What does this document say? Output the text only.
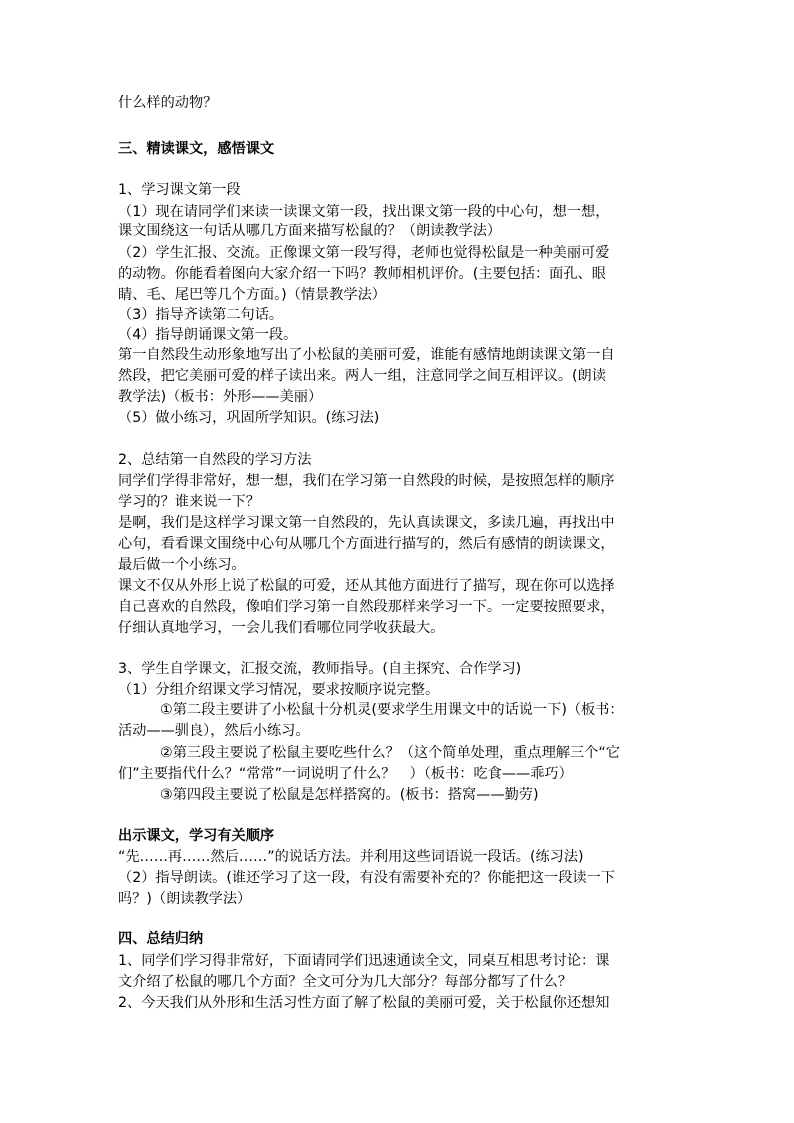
什么样的动物？
三、精读课文，感悟课文
1、学习课文第一段
（1）现在请同学们来读一读课文第一段，找出课文第一段的中心句，想一想，
课文围绕这一句话从哪几方面来描写松鼠的？（朗读教学法）
（2）学生汇报、交流。正像课文第一段写得，老师也觉得松鼠是一种美丽可爱
的动物。你能看着图向大家介绍一下吗？教师相机评价。(主要包括：面孔、眼
睛、毛、尾巴等几个方面。)（情景教学法）
（3）指导齐读第二句话。
（4）指导朗诵课文第一段。
第一自然段生动形象地写出了小松鼠的美丽可爱，谁能有感情地朗读课文第一自
然段，把它美丽可爱的样子读出来。两人一组，注意同学之间互相评议。(朗读
教学法)（板书：外形——美丽）
（5）做小练习，巩固所学知识。(练习法)
2、总结第一自然段的学习方法
同学们学得非常好，想一想，我们在学习第一自然段的时候，是按照怎样的顺序
学习的？谁来说一下？
是啊，我们是这样学习课文第一自然段的，先认真读课文，多读几遍，再找出中
心句，看看课文围绕中心句从哪几个方面进行描写的，然后有感情的朗读课文，
最后做一个小练习。
课文不仅从外形上说了松鼠的可爱，还从其他方面进行了描写，现在你可以选择
自己喜欢的自然段，像咱们学习第一自然段那样来学习一下。一定要按照要求，
仔细认真地学习，一会儿我们看哪位同学收获最大。
3、学生自学课文，汇报交流，教师指导。(自主探究、合作学习)
（1）分组介绍课文学习情况，要求按顺序说完整。
①第二段主要讲了小松鼠十分机灵(要求学生用课文中的话说一下)（板书：
活动——驯良），然后小练习。
②第三段主要说了松鼠主要吃些什么？（这个简单处理，重点理解三个“它
们”主要指代什么？“常常”一词说明了什么？　）（板书：吃食——乖巧）
③第四段主要说了松鼠是怎样搭窝的。(板书：搭窝——勤劳)
出示课文，学习有关顺序
“先……再……然后……”的说话方法。并利用这些词语说一段话。(练习法)
（2）指导朗读。(谁还学习了这一段，有没有需要补充的？你能把这一段读一下
吗？)（朗读教学法）
四、总结归纳
1、同学们学习得非常好，下面请同学们迅速通读全文，同桌互相思考讨论：课
文介绍了松鼠的哪几个方面？全文可分为几大部分？每部分都写了什么？
2、今天我们从外形和生活习性方面了解了松鼠的美丽可爱，关于松鼠你还想知
